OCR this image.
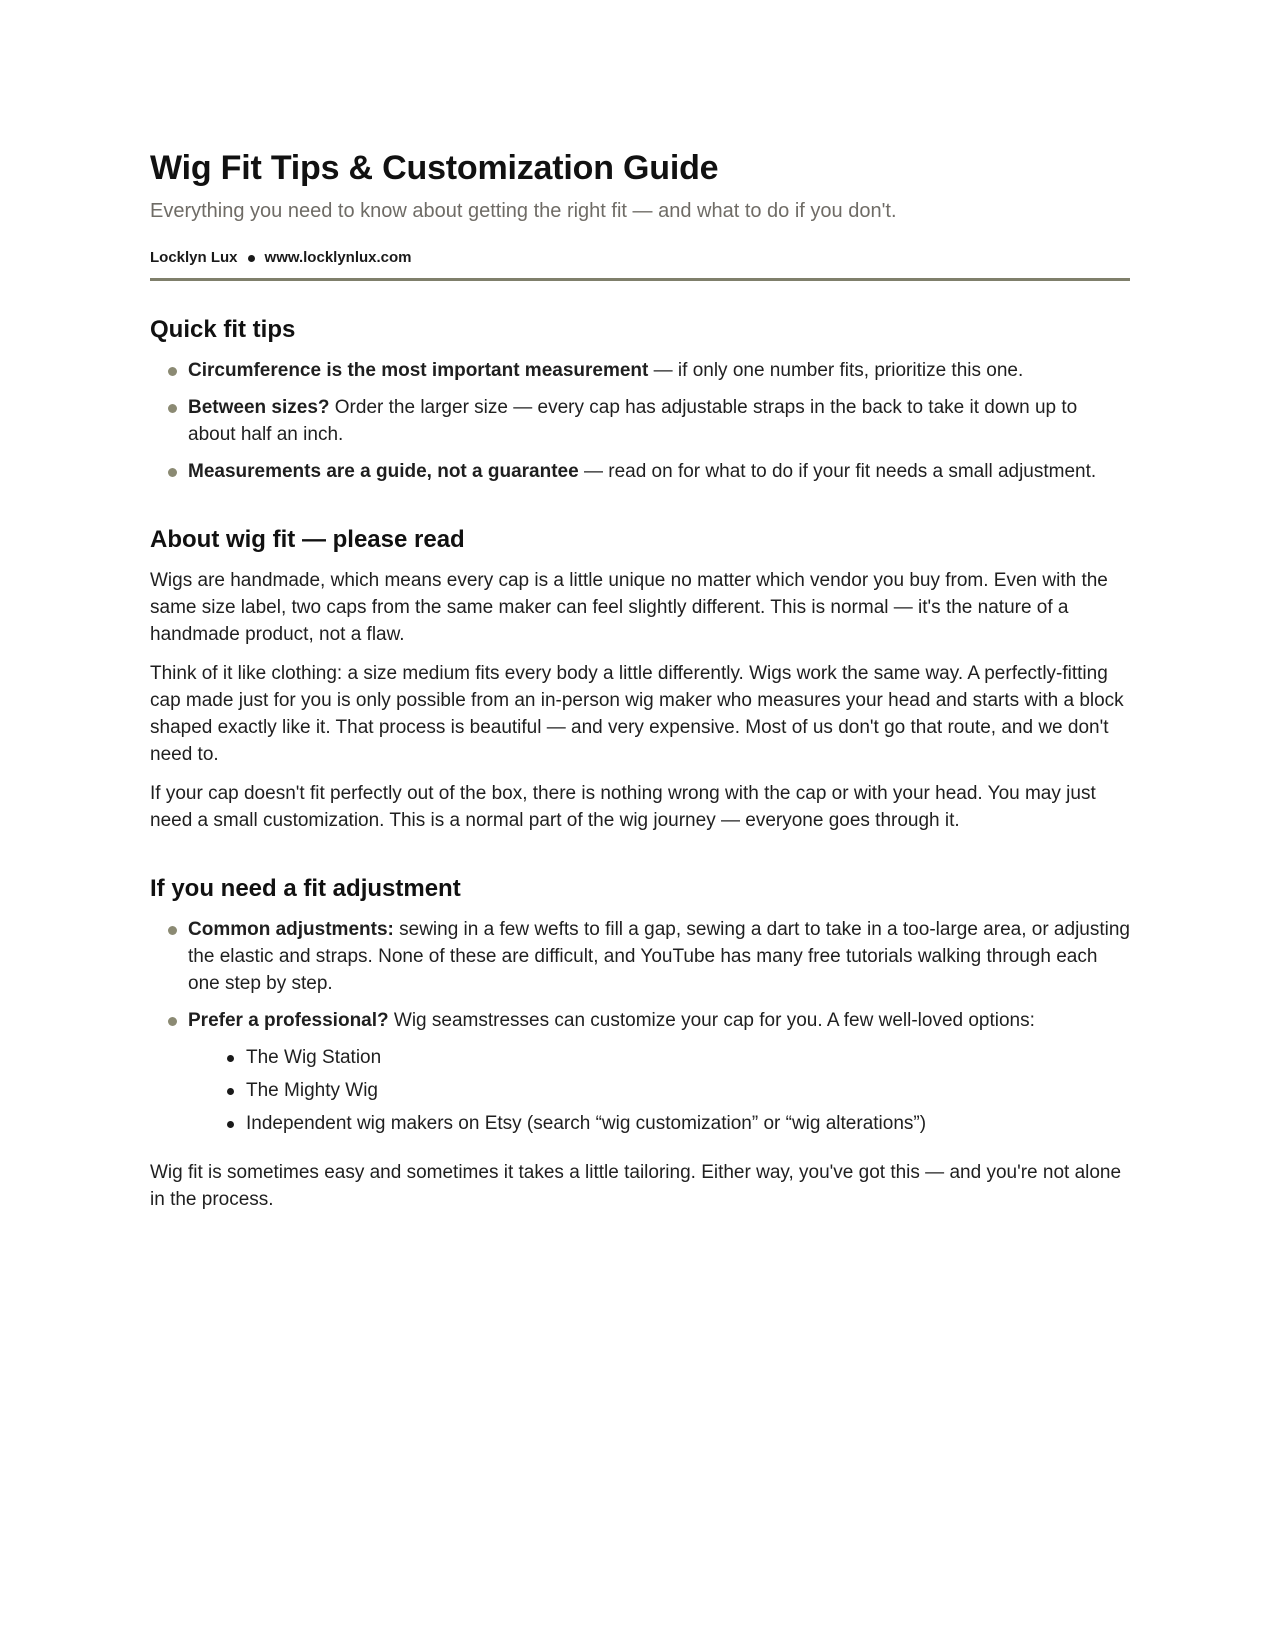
Wig Fit Tips & Customization Guide

Everything you need to know about getting the right fit — and what to do if you don't.

Locklyn Lux www.locklynlux.com
Quick fit tips
Circumference is the most important measurement — if only one number fits, prioritize this one.
Between sizes? Order the larger size — every cap has adjustable straps in the back to take it down up to about half an inch.
Measurements are a guide, not a guarantee — read on for what to do if your fit needs a small adjustment.
About wig fit — please read

Wigs are handmade, which means every cap is a little unique no matter which vendor you buy from. Even with the same size label, two caps from the same maker can feel slightly different. This is normal — it's the nature of a handmade product, not a flaw.

Think of it like clothing: a size medium fits every body a little differently. Wigs work the same way. A perfectly-fitting cap made just for you is only possible from an in-person wig maker who measures your head and starts with a block shaped exactly like it. That process is beautiful — and very expensive. Most of us don't go that route, and we don't need to.

If your cap doesn't fit perfectly out of the box, there is nothing wrong with the cap or with your head. You may just need a small customization. This is a normal part of the wig journey — everyone goes through it.

If you need a fit adjustment
Common adjustments: sewing in a few wefts to fill a gap, sewing a dart to take in a too-large area, or adjusting the elastic and straps. None of these are difficult, and YouTube has many free tutorials walking through each one step by step.
Prefer a professional? Wig seamstresses can customize your cap for you. A few well-loved options:
The Wig Station
The Mighty Wig
Independent wig makers on Etsy (search “wig customization” or “wig alterations”)

Wig fit is sometimes easy and sometimes it takes a little tailoring. Either way, you've got this — and you're not alone in the process.
